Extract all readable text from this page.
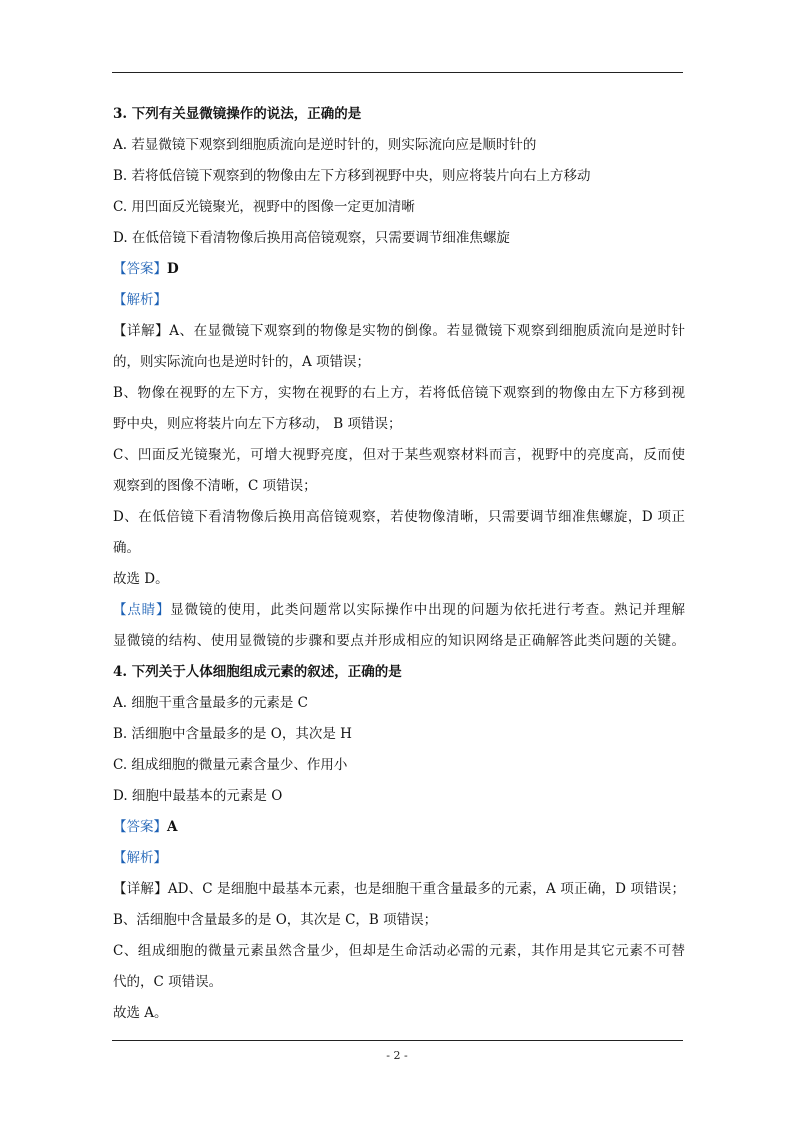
3. 下列有关显微镜操作的说法，正确的是
A. 若显微镜下观察到细胞质流向是逆时针的，则实际流向应是顺时针的
B. 若将低倍镜下观察到的物像由左下方移到视野中央，则应将装片向右上方移动
C. 用凹面反光镜聚光，视野中的图像一定更加清晰
D. 在低倍镜下看清物像后换用高倍镜观察，只需要调节细准焦螺旋
【答案】D
【解析】
【详解】A、在显微镜下观察到的物像是实物的倒像。若显微镜下观察到细胞质流向是逆时针
的，则实际流向也是逆时针的，A 项错误；
B、物像在视野的左下方，实物在视野的右上方，若将低倍镜下观察到的物像由左下方移到视
野中央，则应将装片向左下方移动， B 项错误；
C、凹面反光镜聚光，可增大视野亮度，但对于某些观察材料而言，视野中的亮度高，反而使
观察到的图像不清晰，C 项错误；
D、在低倍镜下看清物像后换用高倍镜观察，若使物像清晰，只需要调节细准焦螺旋，D 项正
确。
故选 D。
【点睛】显微镜的使用，此类问题常以实际操作中出现的问题为依托进行考查。熟记并理解
显微镜的结构、使用显微镜的步骤和要点并形成相应的知识网络是正确解答此类问题的关键。
4. 下列关于人体细胞组成元素的叙述，正确的是
A. 细胞干重含量最多的元素是 C
B. 活细胞中含量最多的是 O，其次是 H
C. 组成细胞的微量元素含量少、作用小
D. 细胞中最基本的元素是 O
【答案】A
【解析】
【详解】AD、C 是细胞中最基本元素，也是细胞干重含量最多的元素，A 项正确，D 项错误；
B、活细胞中含量最多的是 O，其次是 C，B 项错误；
C、组成细胞的微量元素虽然含量少，但却是生命活动必需的元素，其作用是其它元素不可替
代的，C 项错误。
故选 A。
- 2 -
